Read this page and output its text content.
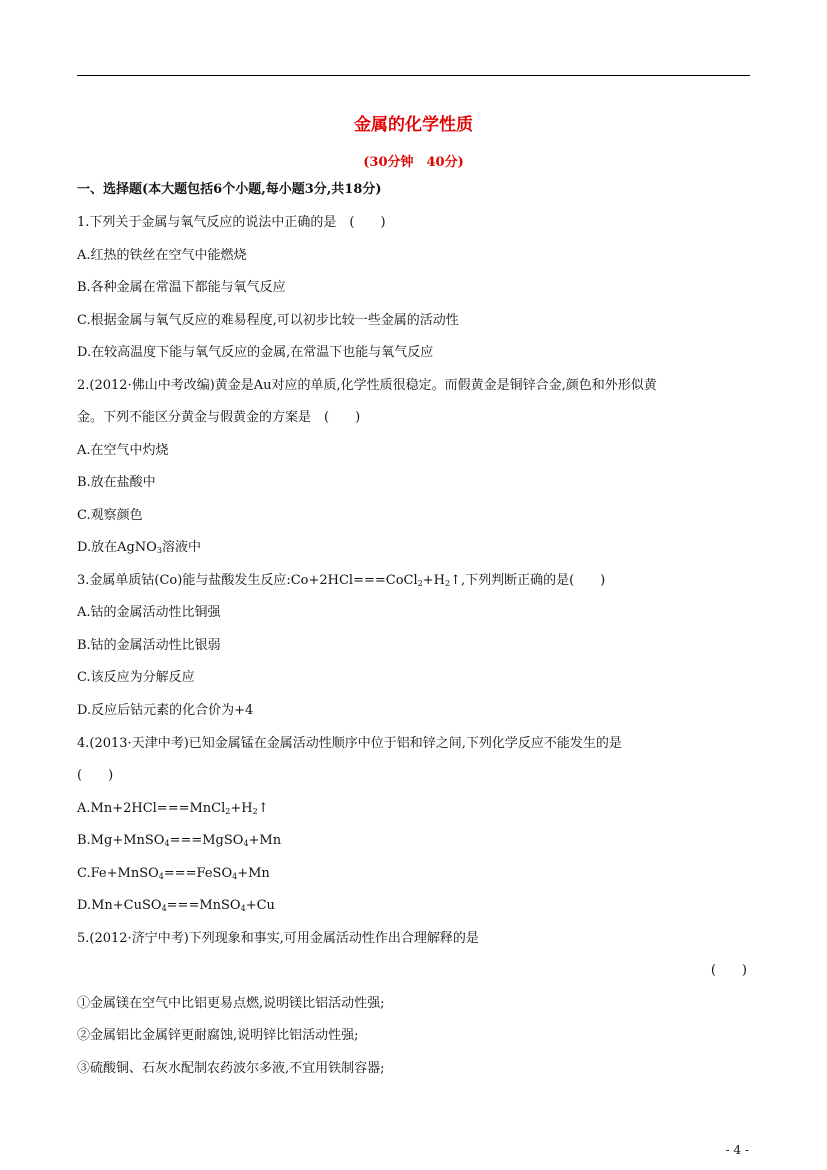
金属的化学性质
(30分钟　40分)
一、选择题(本大题包括6个小题,每小题3分,共18分)
1.下列关于金属与氧气反应的说法中正确的是　(　　)
A.红热的铁丝在空气中能燃烧
B.各种金属在常温下都能与氧气反应
C.根据金属与氧气反应的难易程度,可以初步比较一些金属的活动性
D.在较高温度下能与氧气反应的金属,在常温下也能与氧气反应
2.(2012·佛山中考改编)黄金是Au对应的单质,化学性质很稳定。而假黄金是铜锌合金,颜色和外形似黄
金。下列不能区分黄金与假黄金的方案是　(　　)
A.在空气中灼烧
B.放在盐酸中
C.观察颜色
D.放在AgNO$_3$溶液中
3.金属单质钴(Co)能与盐酸发生反应$:Co+2HCl===CoCl_2+H_2↑$,下列判断正确的是(　　)
A.钴的金属活动性比铜强
B.钴的金属活动性比银弱
C.该反应为分解反应
D.反应后钴元素的化合价为+4
4.(2013·天津中考)已知金属锰在金属活动性顺序中位于铝和锌之间,下列化学反应不能发生的是
(　　)
$A.Mn+2HCl===MnCl_2+H_2↑$
B.Mg+MnSO$_4$===MgSO$_4$+Mn
C.Fe+MnSO$_4$===FeSO$_4$+Mn
D.Mn+CuSO$_4$===MnSO$_4$+Cu
5.(2012·济宁中考)下列现象和事实,可用金属活动性作出合理解释的是
(　　)
①金属镁在空气中比铝更易点燃,说明镁比铝活动性强;
②金属铝比金属锌更耐腐蚀,说明锌比铝活动性强;
③硫酸铜、石灰水配制农药波尔多液,不宜用铁制容器;
- 4 -
